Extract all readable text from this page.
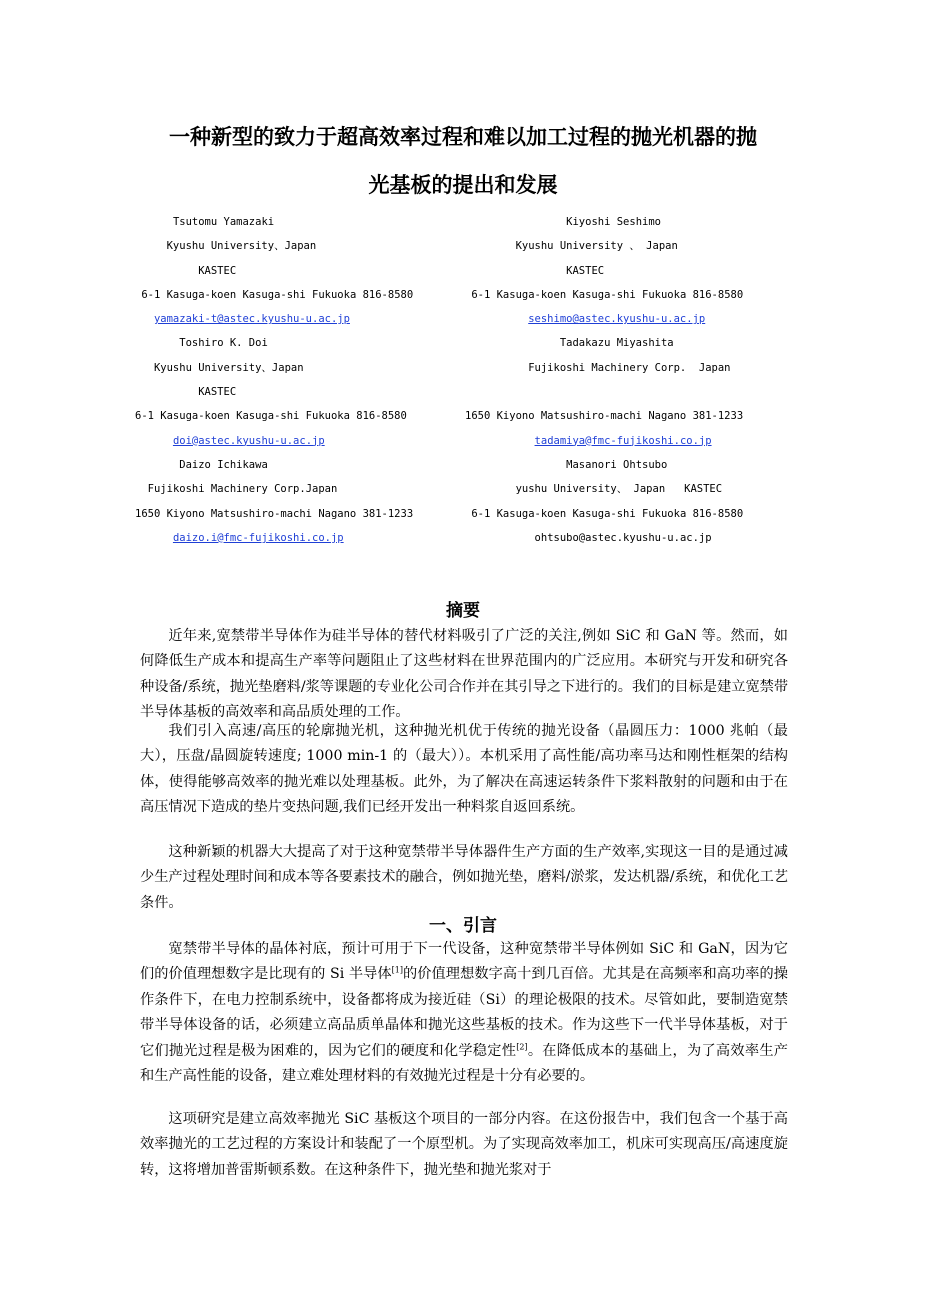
一种新型的致力于超高效率过程和难以加工过程的抛光机器的抛
光基板的提出和发展
Tsutomu Yamazaki
Kyushu University、Japan
KASTEC
6-1 Kasuga-koen Kasuga-shi Fukuoka 816-8580
yamazaki-t@astec.kyushu-u.ac.jp
Toshiro K. Doi
Kyushu University、Japan
KASTEC
6-1 Kasuga-koen Kasuga-shi Fukuoka 816-8580
doi@astec.kyushu-u.ac.jp
Daizo Ichikawa
Fujikoshi Machinery Corp.Japan
1650 Kiyono Matsushiro-machi Nagano 381-1233
daizo.i@fmc-fujikoshi.co.jp
Kiyoshi Seshimo
Kyushu University 、 Japan
KASTEC
6-1 Kasuga-koen Kasuga-shi Fukuoka 816-8580
seshimo@astec.kyushu-u.ac.jp
Tadakazu Miyashita
Fujikoshi Machinery Corp.  Japan
1650 Kiyono Matsushiro-machi Nagano 381-1233
tadamiya@fmc-fujikoshi.co.jp
Masanori Ohtsubo
yushu University、 Japan   KASTEC
6-1 Kasuga-koen Kasuga-shi Fukuoka 816-8580
ohtsubo@astec.kyushu-u.ac.jp
摘要

近年来,宽禁带半导体作为硅半导体的替代材料吸引了广泛的关注,例如 SiC 和 GaN 等。然而，如何降低生产成本和提高生产率等问题阻止了这些材料在世界范围内的广泛应用。本研究与开发和研究各种设备/系统，抛光垫磨料/浆等课题的专业化公司合作并在其引导之下进行的。我们的目标是建立宽禁带半导体基板的高效率和高品质处理的工作。

我们引入高速/高压的轮廓抛光机，这种抛光机优于传统的抛光设备（晶圆压力：1000 兆帕（最大），压盘/晶圆旋转速度; 1000 min-1 的（最大））。本机采用了高性能/高功率马达和刚性框架的结构体，使得能够高效率的抛光难以处理基板。此外，为了解决在高速运转条件下浆料散射的问题和由于在高压情况下造成的垫片变热问题,我们已经开发出一种料浆自返回系统。

这种新颖的机器大大提高了对于这种宽禁带半导体器件生产方面的生产效率,实现这一目的是通过减少生产过程处理时间和成本等各要素技术的融合，例如抛光垫，磨料/淤浆，发达机器/系统，和优化工艺条件。

一、引言

宽禁带半导体的晶体衬底，预计可用于下一代设备，这种宽禁带半导体例如 SiC 和 GaN，因为它们的价值理想数字是比现有的 Si 半导体[1]的价值理想数字高十到几百倍。尤其是在高频率和高功率的操作条件下，在电力控制系统中，设备都将成为接近硅（Si）的理论极限的技术。尽管如此，要制造宽禁带半导体设备的话，必须建立高品质单晶体和抛光这些基板的技术。作为这些下一代半导体基板，对于它们抛光过程是极为困难的，因为它们的硬度和化学稳定性[2]。在降低成本的基础上，为了高效率生产和生产高性能的设备，建立难处理材料的有效抛光过程是十分有必要的。

这项研究是建立高效率抛光 SiC 基板这个项目的一部分内容。在这份报告中，我们包含一个基于高效率抛光的工艺过程的方案设计和装配了一个原型机。为了实现高效率加工，机床可实现高压/高速度旋转，这将增加普雷斯顿系数。在这种条件下，抛光垫和抛光浆对于
